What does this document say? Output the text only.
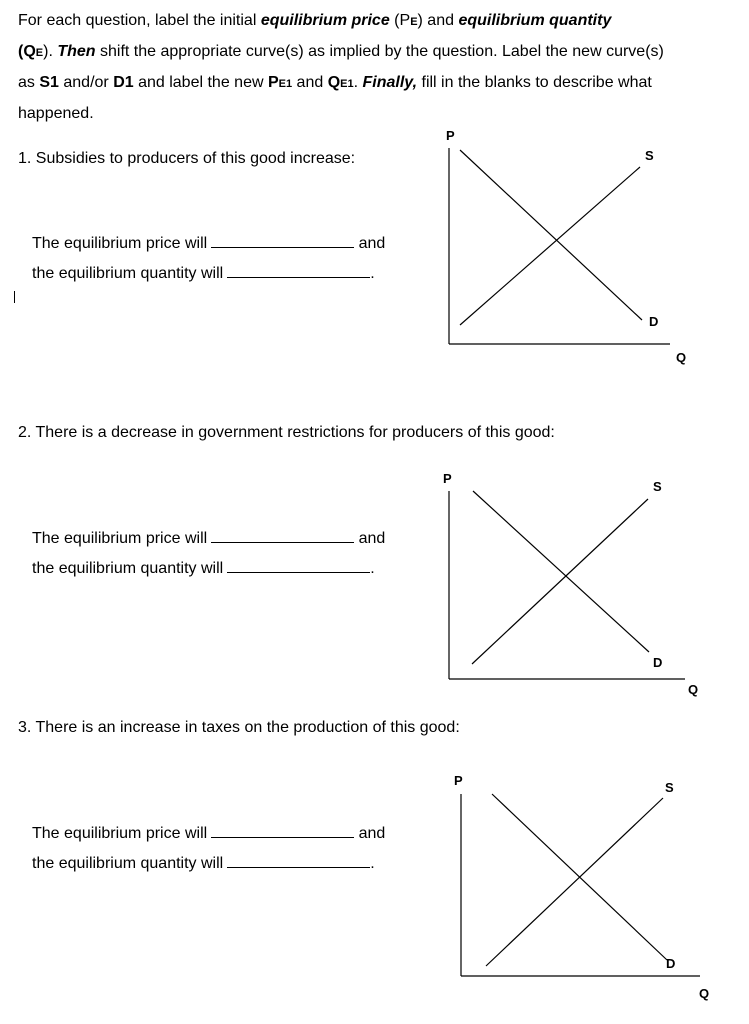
For each question, label the initial equilibrium price (PE) and equilibrium quantity
(QE). Then shift the appropriate curve(s) as implied by the question. Label the new curve(s) as S1 and/or D1 and label the new PE1 and QE1. Finally, fill in the blanks to describe what happened.
1. Subsidies to producers of this good increase:
The equilibrium price will	and
the equilibrium quantity will	.
P
S
D
Q
2. There is a decrease in government restrictions for producers of this good:
The equilibrium price will	and
the equilibrium quantity will	.
P
S
D
Q
3. There is an increase in taxes on the production of this good:
The equilibrium price will	and
the equilibrium quantity will	.
P	S
D
Q
